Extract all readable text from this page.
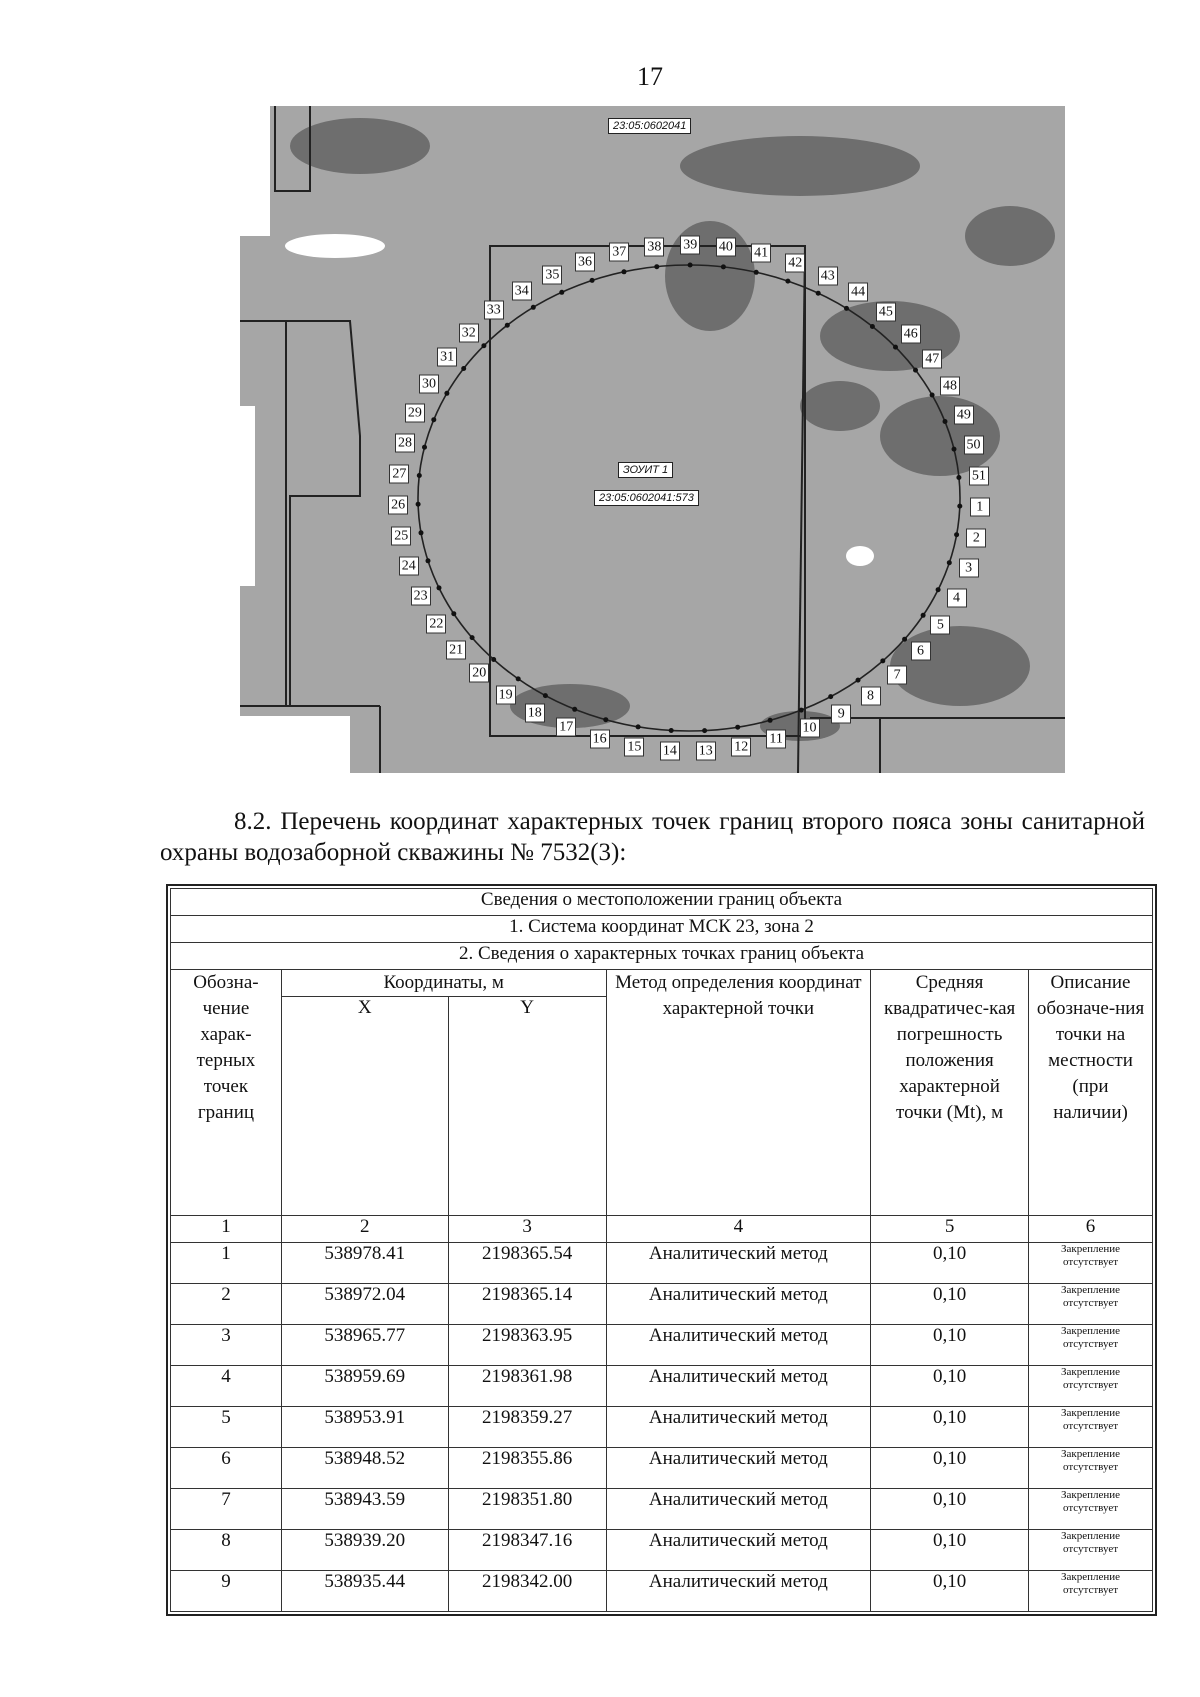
17
23:05:0602041
ЗОУИТ 1
23:05:0602041:573
1
2
3
4
5
6
7
8
9
10
11
12
13
14
15
16
17
18
19
20
21
22
23
24
25
26
27
28
29
30
31
32
33
34
35
36
37 38 39 40 41
42
43
44
45
46
47
48
49
50
51
8.2. Перечень координат характерных точек границ второго пояса зоны санитарной охраны водозаборной скважины № 7532(3):
Сведения о местоположении границ объекта					
1. Система координат МСК 23, зона 2					
2. Сведения о характерных точках границ объекта					
Обозна-чение харак-терных точек границ	Координаты, м		Метод определения координат характерной точки	Средняя квадратичес-кая погрешность положения характерной точки (Mt), м	Описание обозначе-ния точки на местности (при наличии)
	X	Y			
1	2	3	4	5	6
1	538978.41	2198365.54	Аналитический метод	0,10	Закрепление отсутствует
2	538972.04	2198365.14	Аналитический метод	0,10	Закрепление отсутствует
3	538965.77	2198363.95	Аналитический метод	0,10	Закрепление отсутствует
4	538959.69	2198361.98	Аналитический метод	0,10	Закрепление отсутствует
5	538953.91	2198359.27	Аналитический метод	0,10	Закрепление отсутствует
6	538948.52	2198355.86	Аналитический метод	0,10	Закрепление отсутствует
7	538943.59	2198351.80	Аналитический метод	0,10	Закрепление отсутствует
8	538939.20	2198347.16	Аналитический метод	0,10	Закрепление отсутствует
9	538935.44	2198342.00	Аналитический метод	0,10	Закрепление отсутствует
